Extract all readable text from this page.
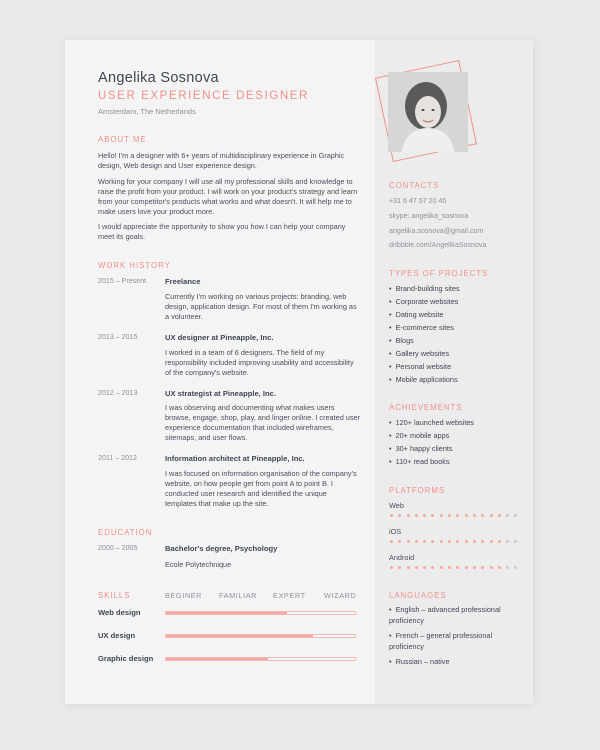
Angelika Sosnova
USER EXPERIENCE DESIGNER
Amsterdam, The Netherlands
ABOUT ME
Hello! I'm a designer with 6+ years of multidisciplinary experience in Graphic design, Web design and User experience design.
Working for your company I will use all my professional skills and knowledge to raise the profit from your product. I will work on your product's strategy and learn from your competitor's products what works and what doesn't. It will help me to make users love your product more.
I would appreciate the opportunity to show you how I can help your company meet its goals.
WORK HISTORY
2015 – Present Freelance
Currently I'm working on various projects: branding, web design, application design. For most of them I'm working as a volunteer.
2013 – 2015	UX designer at Pineapple, Inc.
I worked in a team of 6 designers. The field of my responsibility included improving usability and accessibility of the company's website.
2012 – 2013	UX strategist at Pineapple, Inc.
I was observing and documenting what makes users browse, engage, shop, play, and linger online. I created user experience documentation that included wireframes, sitemaps, and user flows.
2011 – 2012	Information architect at Pineapple, Inc.
I was focused on information organisation of the company's website, on how people get from point A to point B. I conducted user research and identified the unique templates that make up the site.
EDUCATION
2000 – 2005	Bachelor's degree, Psychology
Ecole Polytechnique
SKILLS	BEGINER FAMILIAR EXPERT	WIZARD
Web design
UX design
Graphic design
CONTACTS
+31 6 47 57 20 45
skype: angelika_sosnova
angelika.sosnova@gmail.com
dribbble.com/AngelikaSosnova
TYPES OF PROJECTS
• Brand-building sites
• Corporate websites
• Dating website
• E-commerce sites
• Blogs
• Gallery websites
• Personal website
• Mobile applications
ACHIEVEMENTS
• 120+ launched websites
• 20+ mobile apps
• 30+ happy clients
• 110+ read books
PLATFORMS
Web
iOS
Android
LANGUAGES
• English – advanced professional proficiency
• French – general professional proficiency
• Russian – native
